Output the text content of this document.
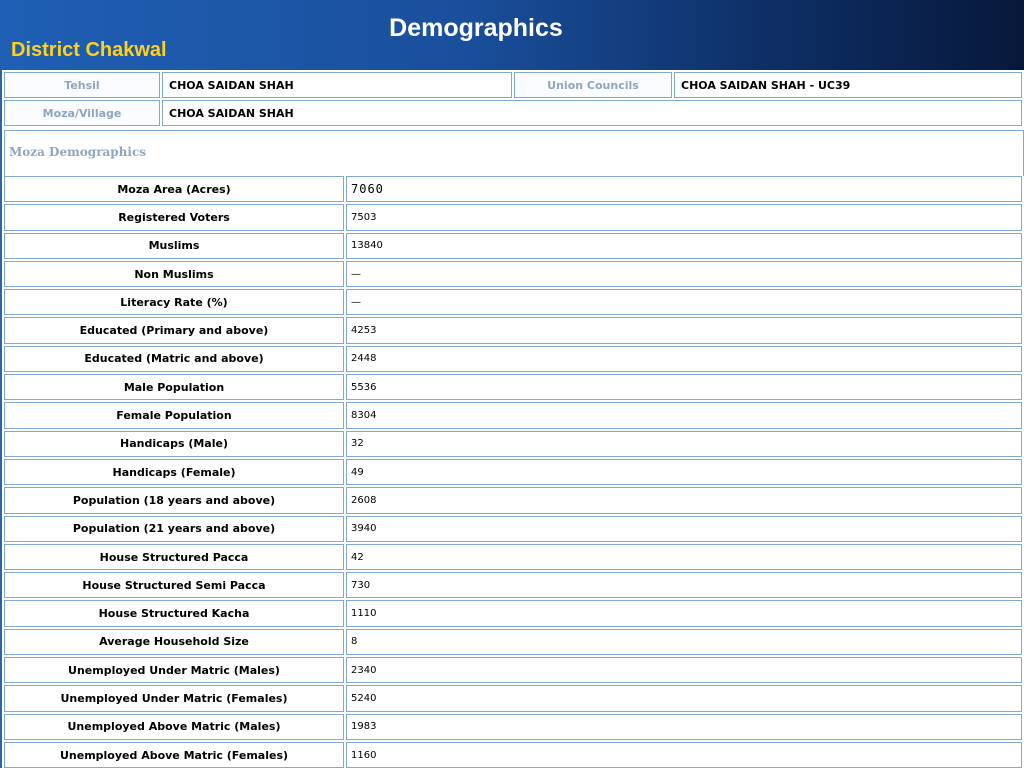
Demographics
District Chakwal
Tehsil	CHOA SAIDAN SHAH	Union Councils	CHOA SAIDAN SHAH - UC39
Moza/Village	CHOA SAIDAN SHAH		
Moza Demographics
Moza Area (Acres)	7060
Registered Voters	7503
Muslims	13840
Non Muslims	—
Literacy Rate (%)	—
Educated (Primary and above)	4253
Educated (Matric and above)	2448
Male Population	5536
Female Population	8304
Handicaps (Male)	32
Handicaps (Female)	49
Population (18 years and above)	2608
Population (21 years and above)	3940
House Structured Pacca	42
House Structured Semi Pacca	730
House Structured Kacha	1110
Average Household Size	8
Unemployed Under Matric (Males)	2340
Unemployed Under Matric (Females)	5240
Unemployed Above Matric (Males)	1983
Unemployed Above Matric (Females)	1160
